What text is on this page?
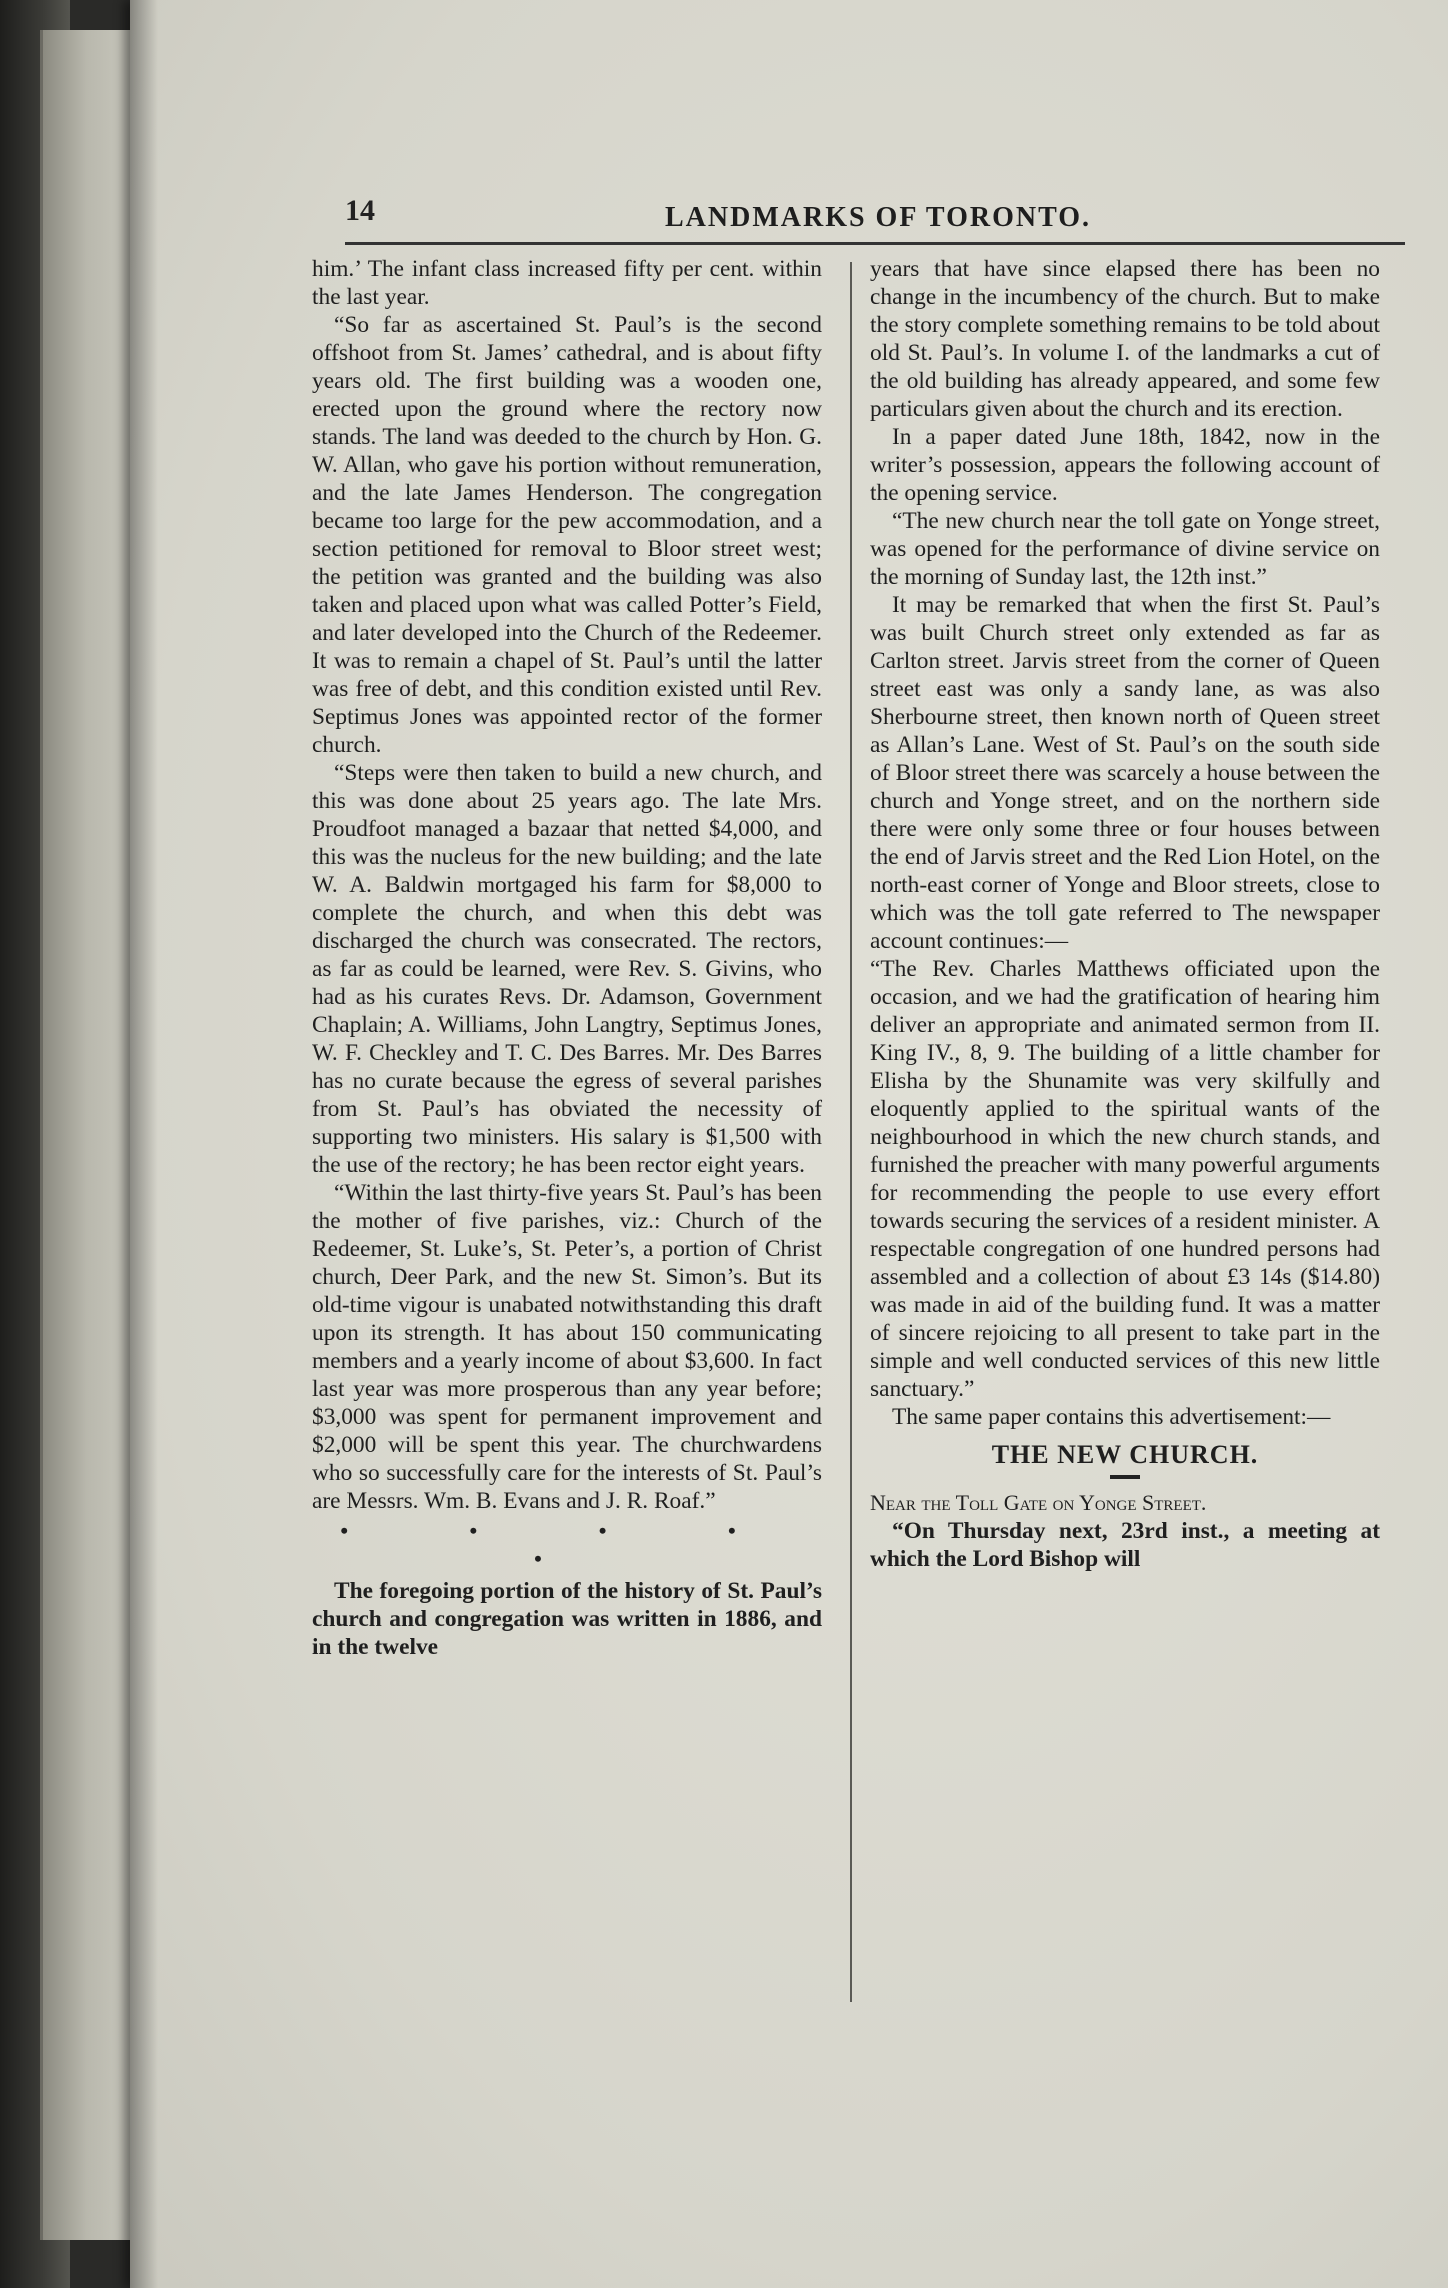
14	LANDMARKS OF TORONTO.

him.’ The infant class increased fifty per cent. within the last year.

“So far as ascertained St. Paul’s is the second offshoot from St. James’ cathedral, and is about fifty years old. The first building was a wooden one, erected upon the ground where the rectory now stands. The land was deeded to the church by Hon. G. W. Allan, who gave his portion without remuneration, and the late James Henderson. The congregation became too large for the pew accommodation, and a section petitioned for removal to Bloor street west; the petition was granted and the building was also taken and placed upon what was called Potter’s Field, and later developed into the Church of the Redeemer. It was to remain a chapel of St. Paul’s until the latter was free of debt, and this condition existed until Rev. Septimus Jones was appointed rector of the former church.

“Steps were then taken to build a new church, and this was done about 25 years ago. The late Mrs. Proudfoot managed a bazaar that netted $4,000, and this was the nucleus for the new building; and the late W. A. Baldwin mortgaged his farm for $8,000 to complete the church, and when this debt was discharged the church was consecrated. The rectors, as far as could be learned, were Rev. S. Givins, who had as his curates Revs. Dr. Adamson, Government Chaplain; A. Williams, John Langtry, Septimus Jones, W. F. Checkley and T. C. Des Barres. Mr. Des Barres has no curate because the egress of several parishes from St. Paul’s has obviated the necessity of supporting two ministers. His salary is $1,500 with the use of the rectory; he has been rector eight years.

“Within the last thirty-five years St. Paul’s has been the mother of five parishes, viz.: Church of the Redeemer, St. Luke’s, St. Peter’s, a portion of Christ church, Deer Park, and the new St. Simon’s. But its old-time vigour is unabated notwithstanding this draft upon its strength. It has about 150 communicating members and a yearly income of about $3,600. In fact last year was more prosperous than any year before; $3,000 was spent for permanent improvement and $2,000 will be spent this year. The churchwardens who so successfully care for the interests of St. Paul’s are Messrs. Wm. B. Evans and J. R. Roaf.”

• • • • •

The foregoing portion of the history of St. Paul’s church and congregation was written in 1886, and in the twelve

years that have since elapsed there has been no change in the incumbency of the church. But to make the story complete something remains to be told about old St. Paul’s. In volume I. of the landmarks a cut of the old building has already appeared, and some few particulars given about the church and its erection.

In a paper dated June 18th, 1842, now in the writer’s possession, appears the following account of the opening service.

“The new church near the toll gate on Yonge street, was opened for the performance of divine service on the morning of Sunday last, the 12th inst.”

It may be remarked that when the first St. Paul’s was built Church street only extended as far as Carlton street. Jarvis street from the corner of Queen street east was only a sandy lane, as was also Sherbourne street, then known north of Queen street as Allan’s Lane. West of St. Paul’s on the south side of Bloor street there was scarcely a house between the church and Yonge street, and on the northern side there were only some three or four houses between the end of Jarvis street and the Red Lion Hotel, on the north-east corner of Yonge and Bloor streets, close to which was the toll gate referred to The newspaper account continues:—

“The Rev. Charles Matthews officiated upon the occasion, and we had the gratification of hearing him deliver an appropriate and animated sermon from II. King IV., 8, 9. The building of a little chamber for Elisha by the Shunamite was very skilfully and eloquently applied to the spiritual wants of the neighbourhood in which the new church stands, and furnished the preacher with many powerful arguments for recommending the people to use every effort towards securing the services of a resident minister. A respectable congregation of one hundred persons had assembled and a collection of about £3 14s ($14.80) was made in aid of the building fund. It was a matter of sincere rejoicing to all present to take part in the simple and well conducted services of this new little sanctuary.”

The same paper contains this advertisement:—

THE NEW CHURCH.

Near the Toll Gate on Yonge Street.

“On Thursday next, 23rd inst., a meeting at which the Lord Bishop will
